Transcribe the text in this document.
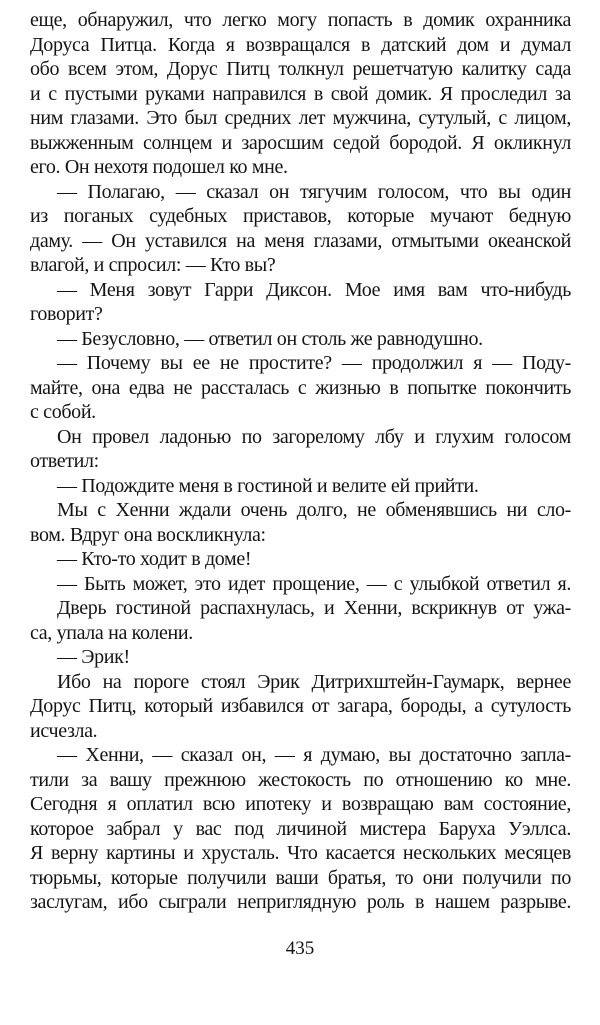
еще, обнаружил, что легко могу попасть в домик охранника
Доруса Питца. Когда я возвращался в датский дом и думал
обо всем этом, Дорус Питц толкнул решетчатую калитку сада
и с пустыми руками направился в свой домик. Я проследил за
ним глазами. Это был средних лет мужчина, сутулый, с лицом,
выжженным солнцем и заросшим седой бородой. Я окликнул
его. Он нехотя подошел ко мне.
— Полагаю, — сказал он тягучим голосом, что вы один
из поганых судебных приставов, которые мучают бедную
даму. — Он уставился на меня глазами, отмытыми океанской
влагой, и спросил: — Кто вы?
— Меня зовут Гарри Диксон. Мое имя вам что-нибудь
говорит?
— Безусловно, — ответил он столь же равнодушно.
— Почему вы ее не простите? — продолжил я — Поду-
майте, она едва не рассталась с жизнью в попытке покончить
с собой.
Он провел ладонью по загорелому лбу и глухим голосом
ответил:
— Подождите меня в гостиной и велите ей прийти.
Мы с Хенни ждали очень долго, не обменявшись ни сло-
вом. Вдруг она воскликнула:
— Кто-то ходит в доме!
— Быть может, это идет прощение, — с улыбкой ответил я.
Дверь гостиной распахнулась, и Хенни, вскрикнув от ужа-
са, упала на колени.
— Эрик!
Ибо на пороге стоял Эрик Дитрихштейн-Гаумарк, вернее
Дорус Питц, который избавился от загара, бороды, а сутулость
исчезла.
— Хенни, — сказал он, — я думаю, вы достаточно запла-
тили за вашу прежнюю жестокость по отношению ко мне.
Сегодня я оплатил всю ипотеку и возвращаю вам состояние,
которое забрал у вас под личиной мистера Баруха Уэллса.
Я верну картины и хрусталь. Что касается нескольких месяцев
тюрьмы, которые получили ваши братья, то они получили по
заслугам, ибо сыграли неприглядную роль в нашем разрыве.
435
